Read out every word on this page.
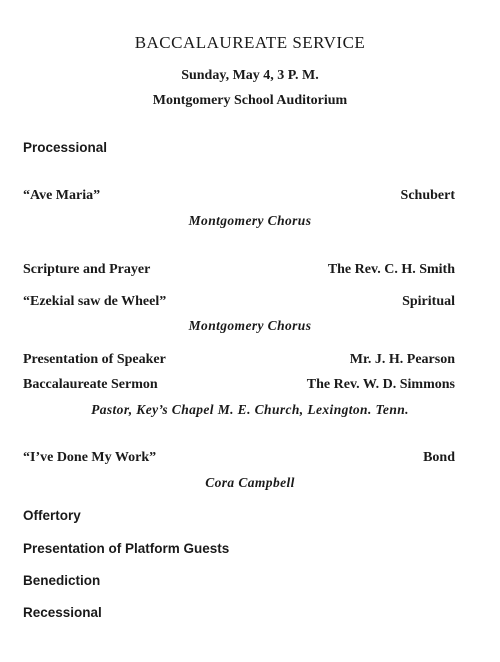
BACCALAUREATE SERVICE
Sunday, May 4, 3 P. M.
Montgomery School Auditorium
Processional
“Ave Maria”	Schubert
Montgomery Chorus
Scripture and Prayer	The Rev. C. H. Smith
“Ezekial saw de Wheel”	Spiritual
Montgomery Chorus
Presentation of Speaker	Mr. J. H. Pearson
Baccalaureate Sermon	The Rev. W. D. Simmons
Pastor, Key’s Chapel M. E. Church, Lexington. Tenn.
“I’ve Done My Work”	Bond
Cora Campbell
Offertory
Presentation of Platform Guests
Benediction
Recessional
